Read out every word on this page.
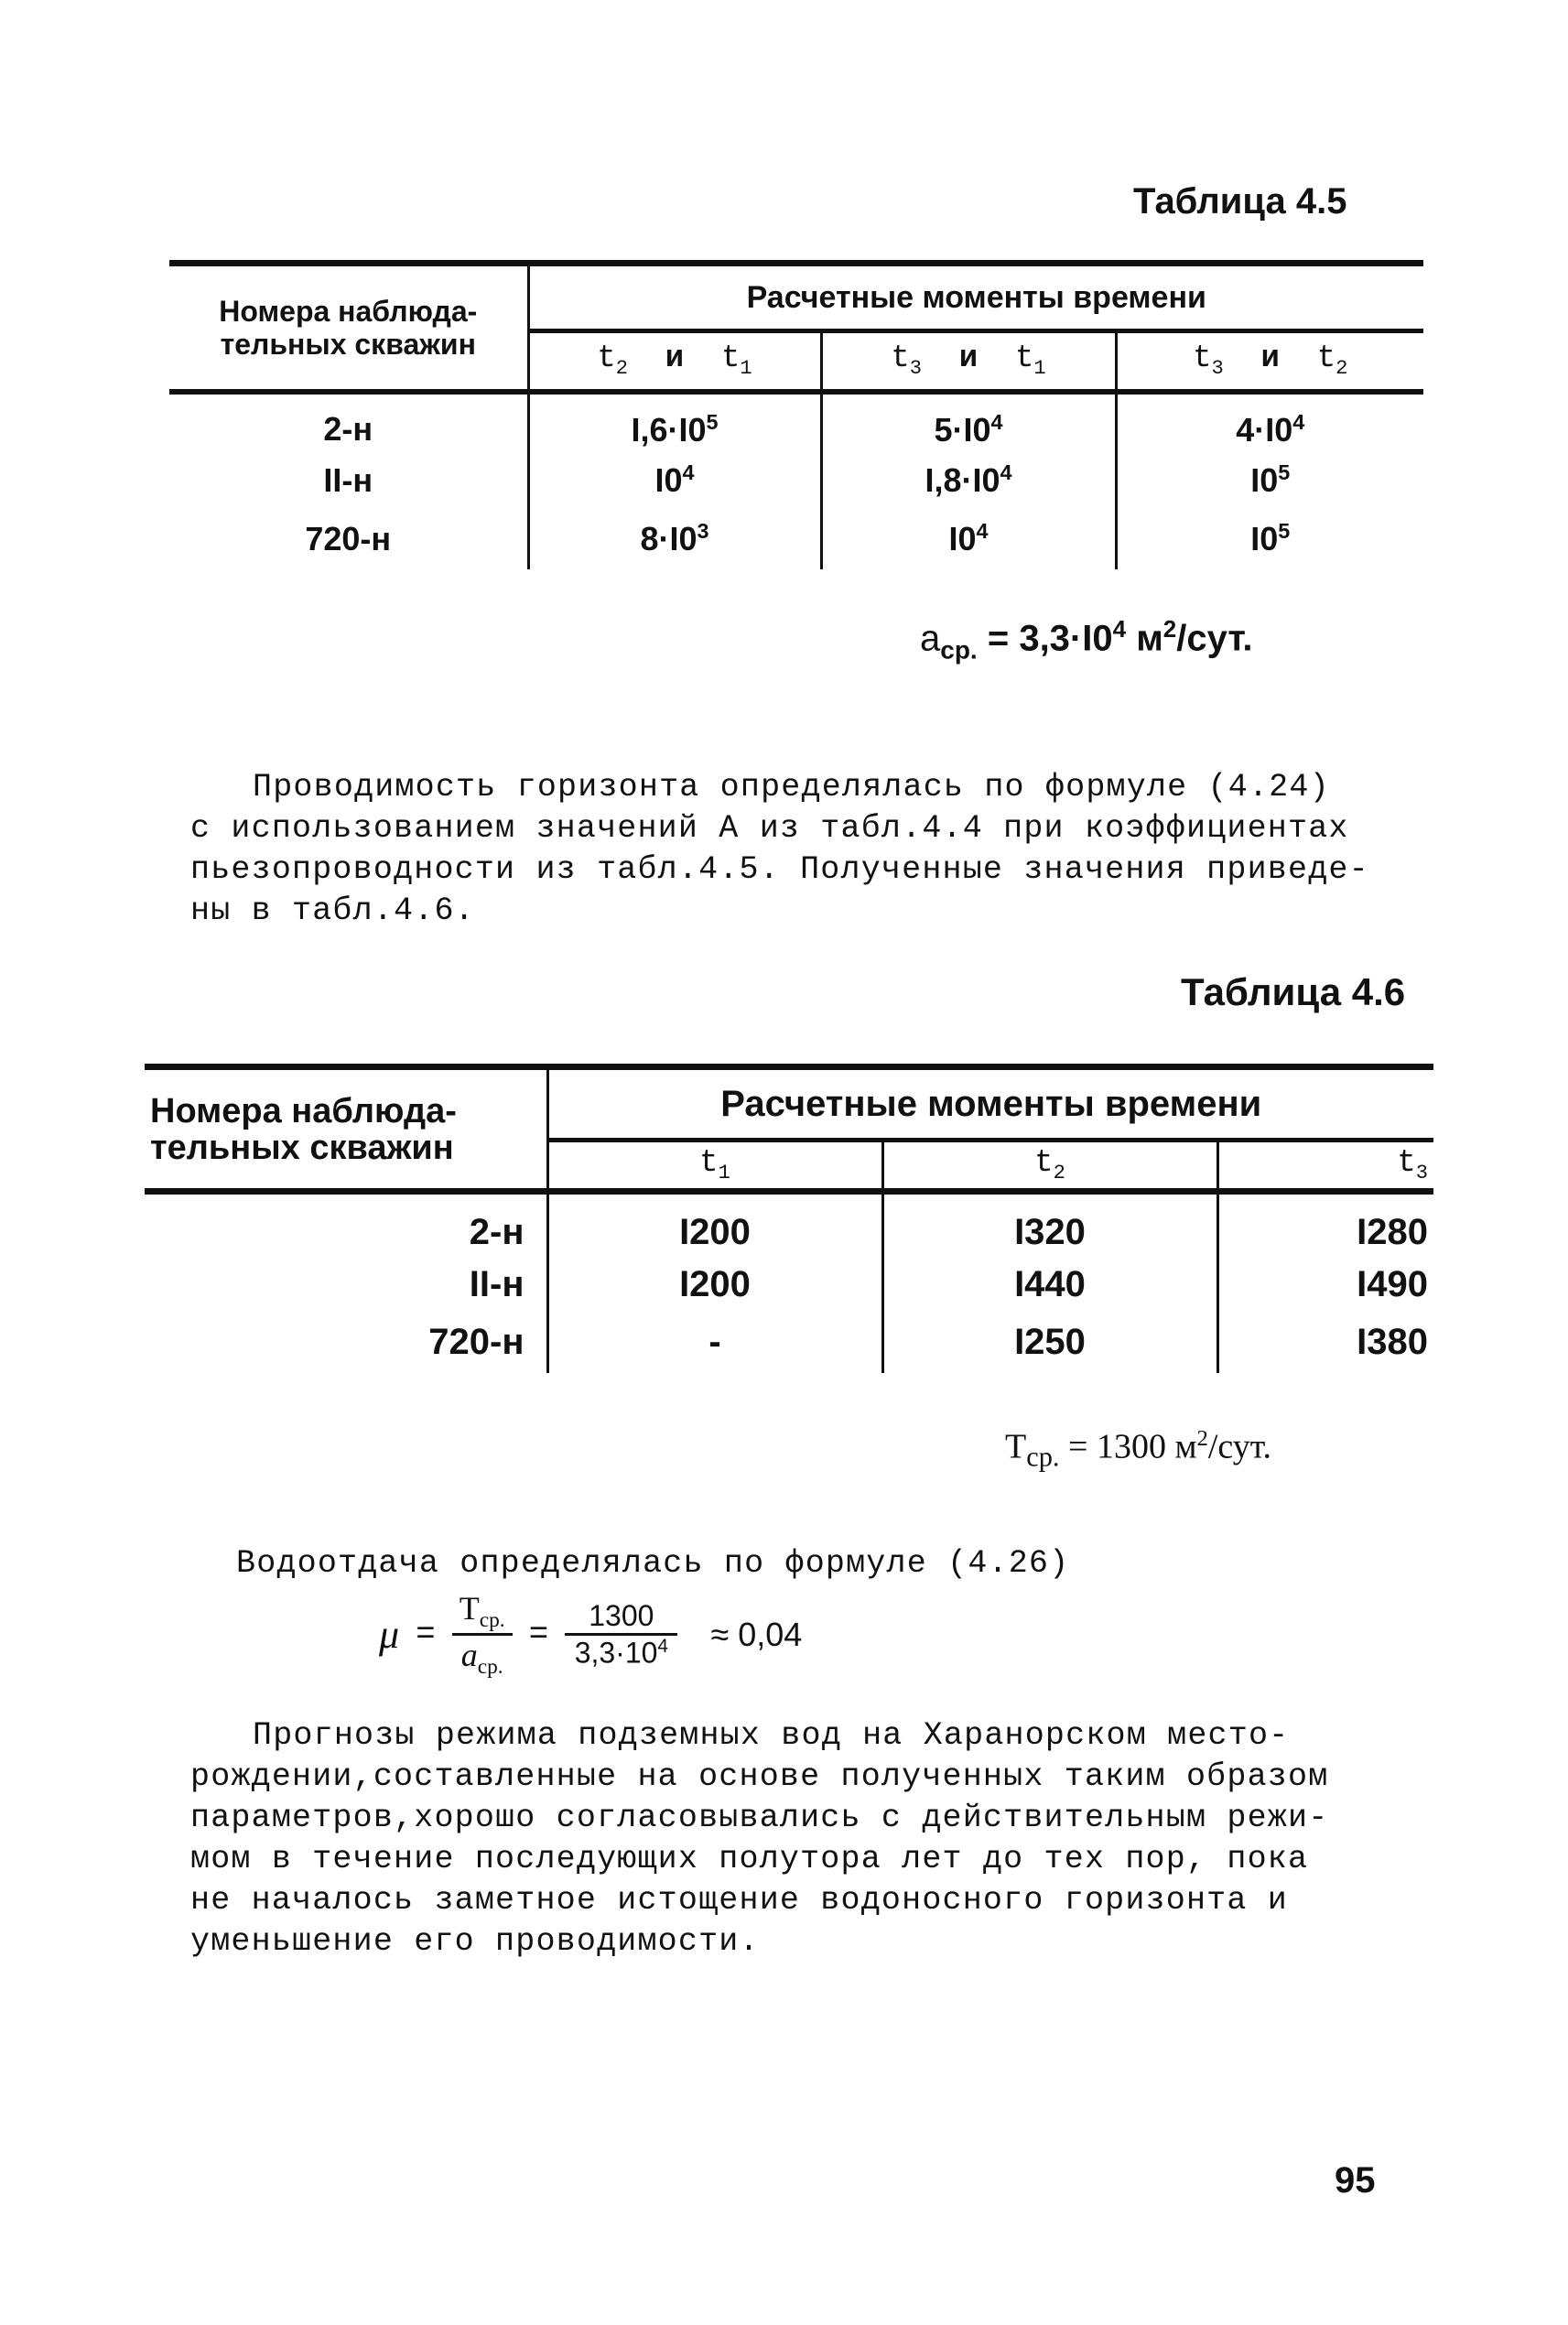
Таблица 4.5
Номера наблюда-тельных скважин	Расчетные моменты времени		
	$t_2$ и $t_1$	$t_3$ и $t_1$	$t_3$ и $t_2$
2-н	$I,6\cdot I0^5$	$5\cdot I0^4$	$4\cdot I0^4$
II-н	$I0^4$	$I,8\cdot I0^4$	$I0^5$
720-н	$8\cdot I0^3$	$I0^4$	$I0^5$
$a_{ср.} = 3,3\cdot I0^4$ $м^2$/сут.

Проводимость горизонта определялась по формуле (4.24)

с использованием значений А из табл.4.4 при коэффициентах

пьезопроводности из табл.4.5. Полученные значения приведе-

ны в табл.4.6.

Таблица 4.6
Номера наблюда-тельных скважин	Расчетные моменты времени		
	$t_1$	$t_2$	$t_3$
2-н	I200	I320	I280
II-н	I200	I440	I490
720-н	-	I250	I380
$T_{ср.} = 1300$ $м^2$/сут.

Водоотдача определялась по формуле (4.26)

$\mu = \frac{T_{ср.}}{a_{ср.}} = \frac{1300}{3,3\cdot 10^4} \approx 0,04$

Прогнозы режима подземных вод на Харанорском место-

рождении,составленные на основе полученных таким образом

параметров,хорошо согласовывались с действительным режи-

мом в течение последующих полутора лет до тех пор, пока

не началось заметное истощение водоносного горизонта и

уменьшение его проводимости.

95
